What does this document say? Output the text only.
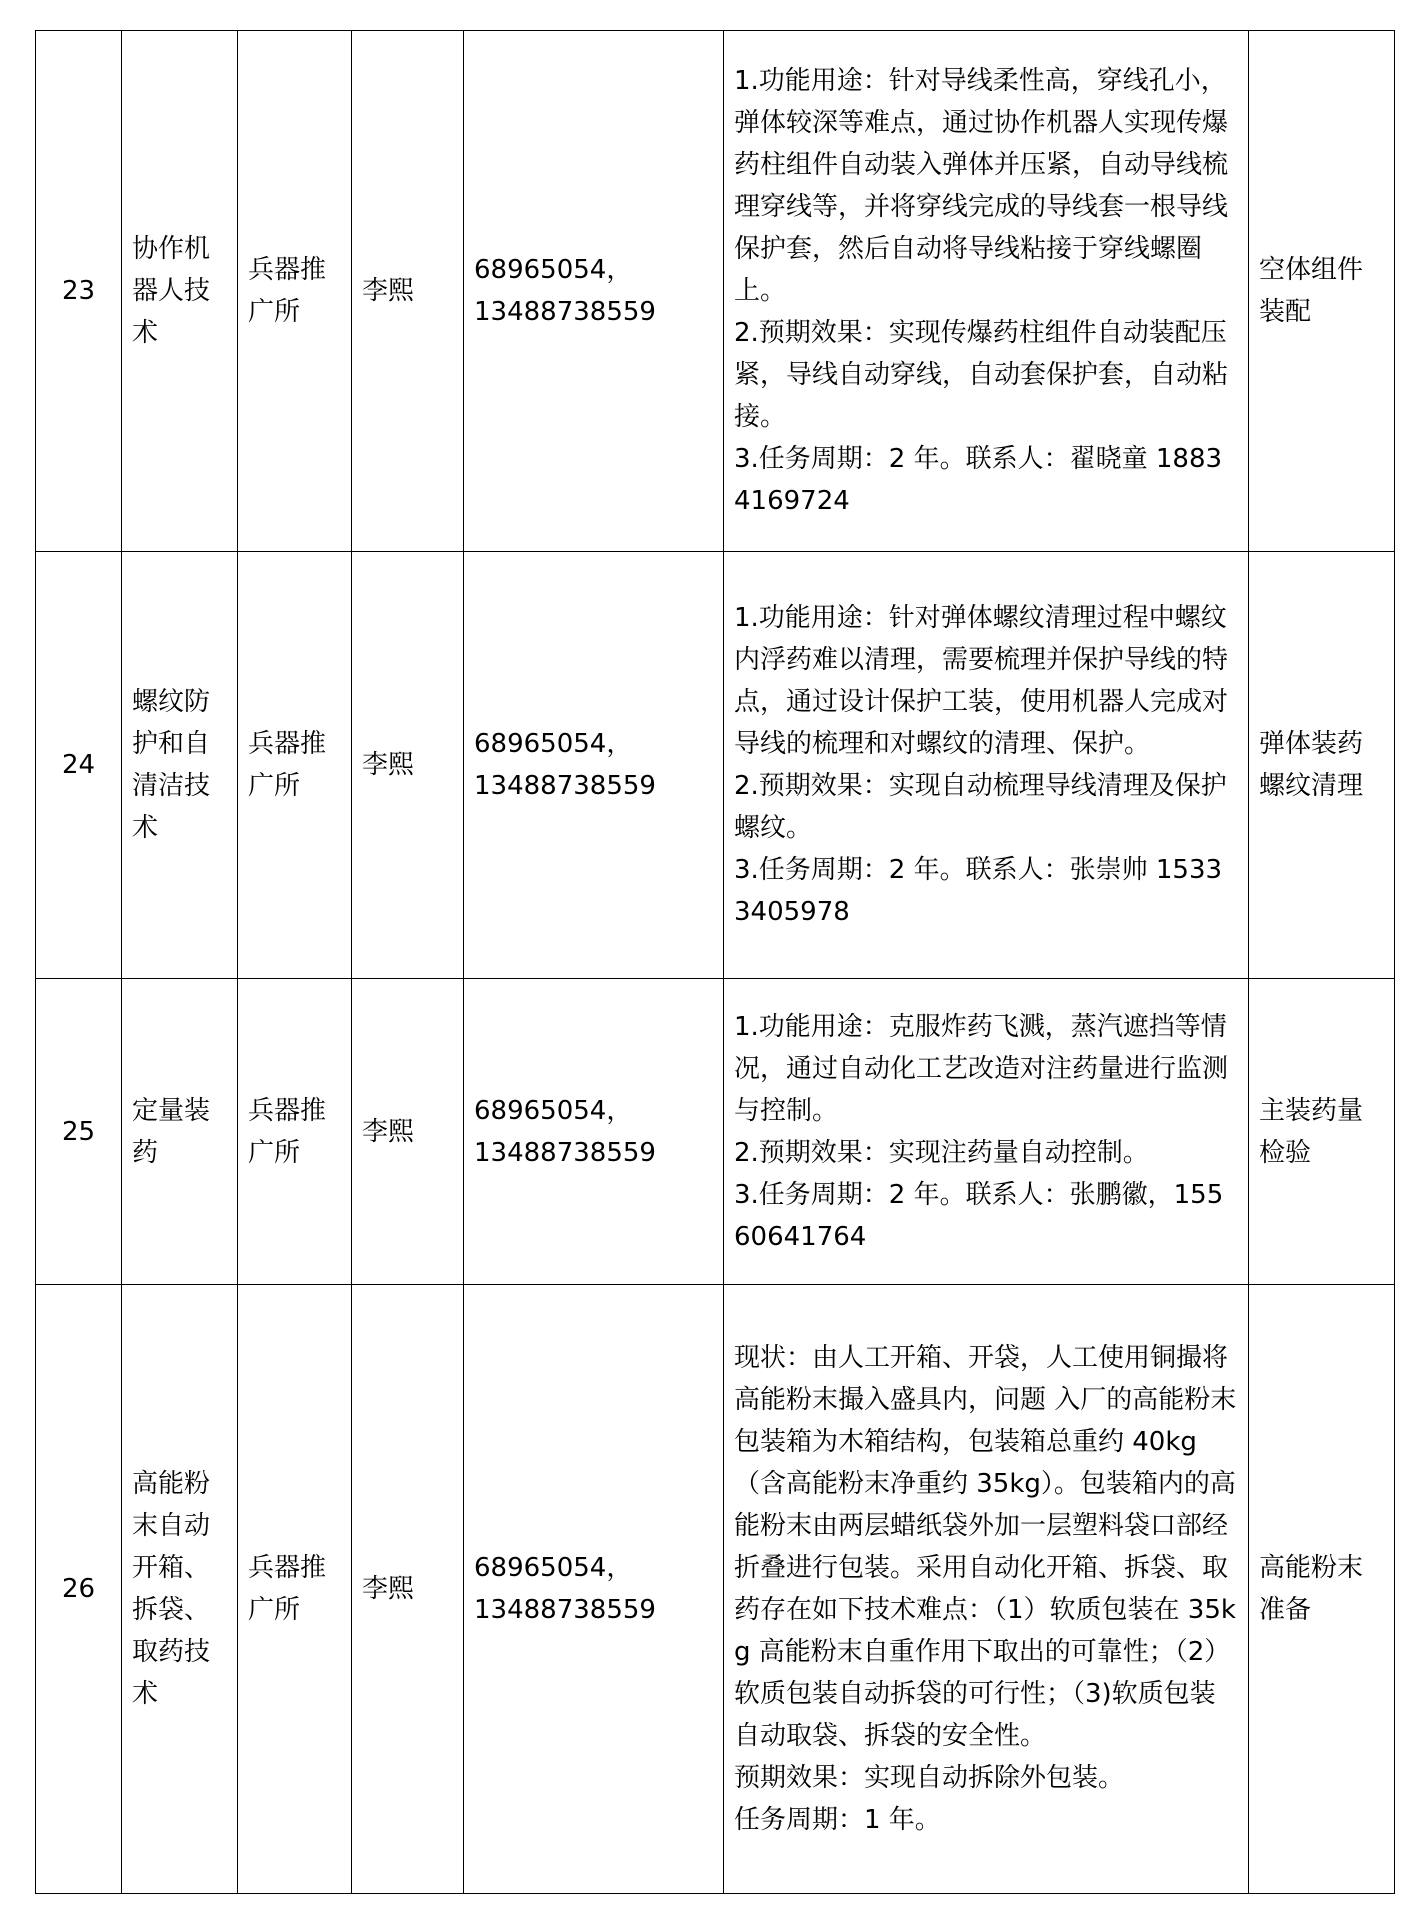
23	协作机器人技术	兵器推广所	李熙	68965054，
13488738559	1.功能用途：针对导线柔性高，穿线孔小，弹体较深等难点，通过协作机器人实现传爆药柱组件自动装入弹体并压紧，自动导线梳理穿线等，并将穿线完成的导线套一根导线保护套，然后自动将导线粘接于穿线螺圈上。
2.预期效果：实现传爆药柱组件自动装配压紧，导线自动穿线，自动套保护套，自动粘接。
3.任务周期：2 年。联系人：翟晓童 18834169724	空体组件装配
24	螺纹防护和自清洁技术	兵器推广所	李熙	68965054，
13488738559	1.功能用途：针对弹体螺纹清理过程中螺纹内浮药难以清理，需要梳理并保护导线的特点，通过设计保护工装，使用机器人完成对导线的梳理和对螺纹的清理、保护。
2.预期效果：实现自动梳理导线清理及保护螺纹。
3.任务周期：2 年。联系人：张崇帅 15333405978	弹体装药螺纹清理
25	定量装药	兵器推广所	李熙	68965054，
13488738559	1.功能用途：克服炸药飞溅，蒸汽遮挡等情况，通过自动化工艺改造对注药量进行监测与控制。
2.预期效果：实现注药量自动控制。
3.任务周期：2 年。联系人：张鹏徽，15560641764	主装药量检验
26	高能粉末自动开箱、拆袋、取药技术	兵器推广所	李熙	68965054，
13488738559	现状：由人工开箱、开袋，人工使用铜撮将高能粉末撮入盛具内，问题 入厂的高能粉末包装箱为木箱结构，包装箱总重约 40kg（含高能粉末净重约 35kg）。包装箱内的高能粉末由两层蜡纸袋外加一层塑料袋口部经折叠进行包装。采用自动化开箱、拆袋、取药存在如下技术难点：（1）软质包装在 35kg 高能粉末自重作用下取出的可靠性；（2）软质包装自动拆袋的可行性；（3)软质包装自动取袋、拆袋的安全性。
预期效果：实现自动拆除外包装。
任务周期：1 年。	高能粉末准备
